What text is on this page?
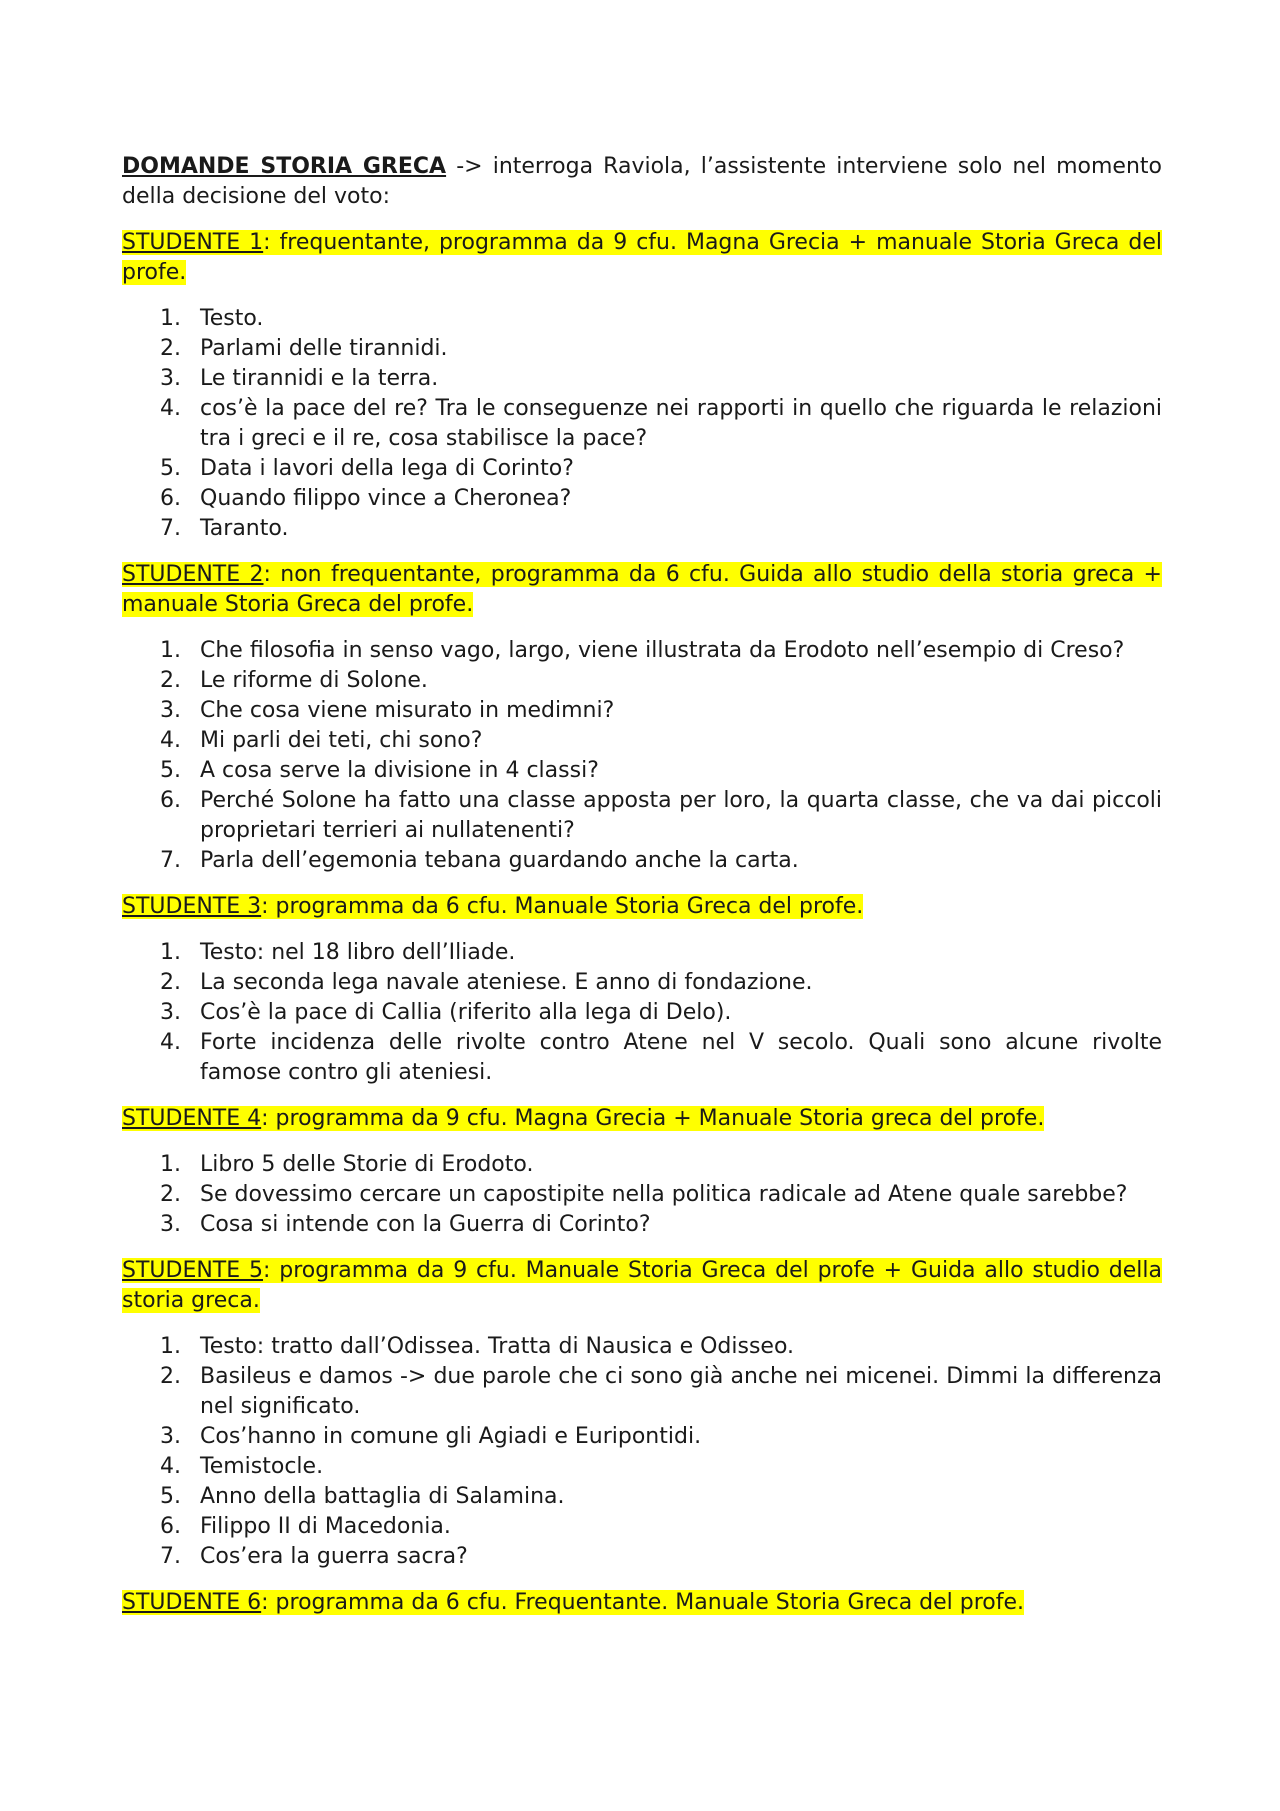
DOMANDE STORIA GRECA -> interroga Raviola, l’assistente interviene solo nel momento della decisione del voto:

STUDENTE 1: frequentante, programma da 9 cfu. Magna Grecia + manuale Storia Greca del profe.

1. Testo.
2. Parlami delle tirannidi.
3. Le tirannidi e la terra.
4. cos’è la pace del re? Tra le conseguenze nei rapporti in quello che riguarda le relazioni tra i greci e il re, cosa stabilisce la pace?
5. Data i lavori della lega di Corinto?
6. Quando filippo vince a Cheronea?
7. Taranto.

STUDENTE 2: non frequentante, programma da 6 cfu. Guida allo studio della storia greca + manuale Storia Greca del profe.

1. Che filosofia in senso vago, largo, viene illustrata da Erodoto nell’esempio di Creso?
2. Le riforme di Solone.
3. Che cosa viene misurato in medimni?
4. Mi parli dei teti, chi sono?
5. A cosa serve la divisione in 4 classi?
6. Perché Solone ha fatto una classe apposta per loro, la quarta classe, che va dai piccoli proprietari terrieri ai nullatenenti?
7. Parla dell’egemonia tebana guardando anche la carta.

STUDENTE 3: programma da 6 cfu. Manuale Storia Greca del profe.

1. Testo: nel 18 libro dell’Iliade.
2. La seconda lega navale ateniese. E anno di fondazione.
3. Cos’è la pace di Callia (riferito alla lega di Delo).
4. Forte incidenza delle rivolte contro Atene nel V secolo. Quali sono alcune rivolte famose contro gli ateniesi.

STUDENTE 4: programma da 9 cfu. Magna Grecia + Manuale Storia greca del profe.

1. Libro 5 delle Storie di Erodoto.
2. Se dovessimo cercare un capostipite nella politica radicale ad Atene quale sarebbe?
3. Cosa si intende con la Guerra di Corinto?

STUDENTE 5: programma da 9 cfu. Manuale Storia Greca del profe + Guida allo studio della storia greca.

1. Testo: tratto dall’Odissea. Tratta di Nausica e Odisseo.
2. Basileus e damos -> due parole che ci sono già anche nei micenei. Dimmi la differenza nel significato.
3. Cos’hanno in comune gli Agiadi e Euripontidi.
4. Temistocle.
5. Anno della battaglia di Salamina.
6. Filippo II di Macedonia.
7. Cos’era la guerra sacra?

STUDENTE 6: programma da 6 cfu. Frequentante. Manuale Storia Greca del profe.
